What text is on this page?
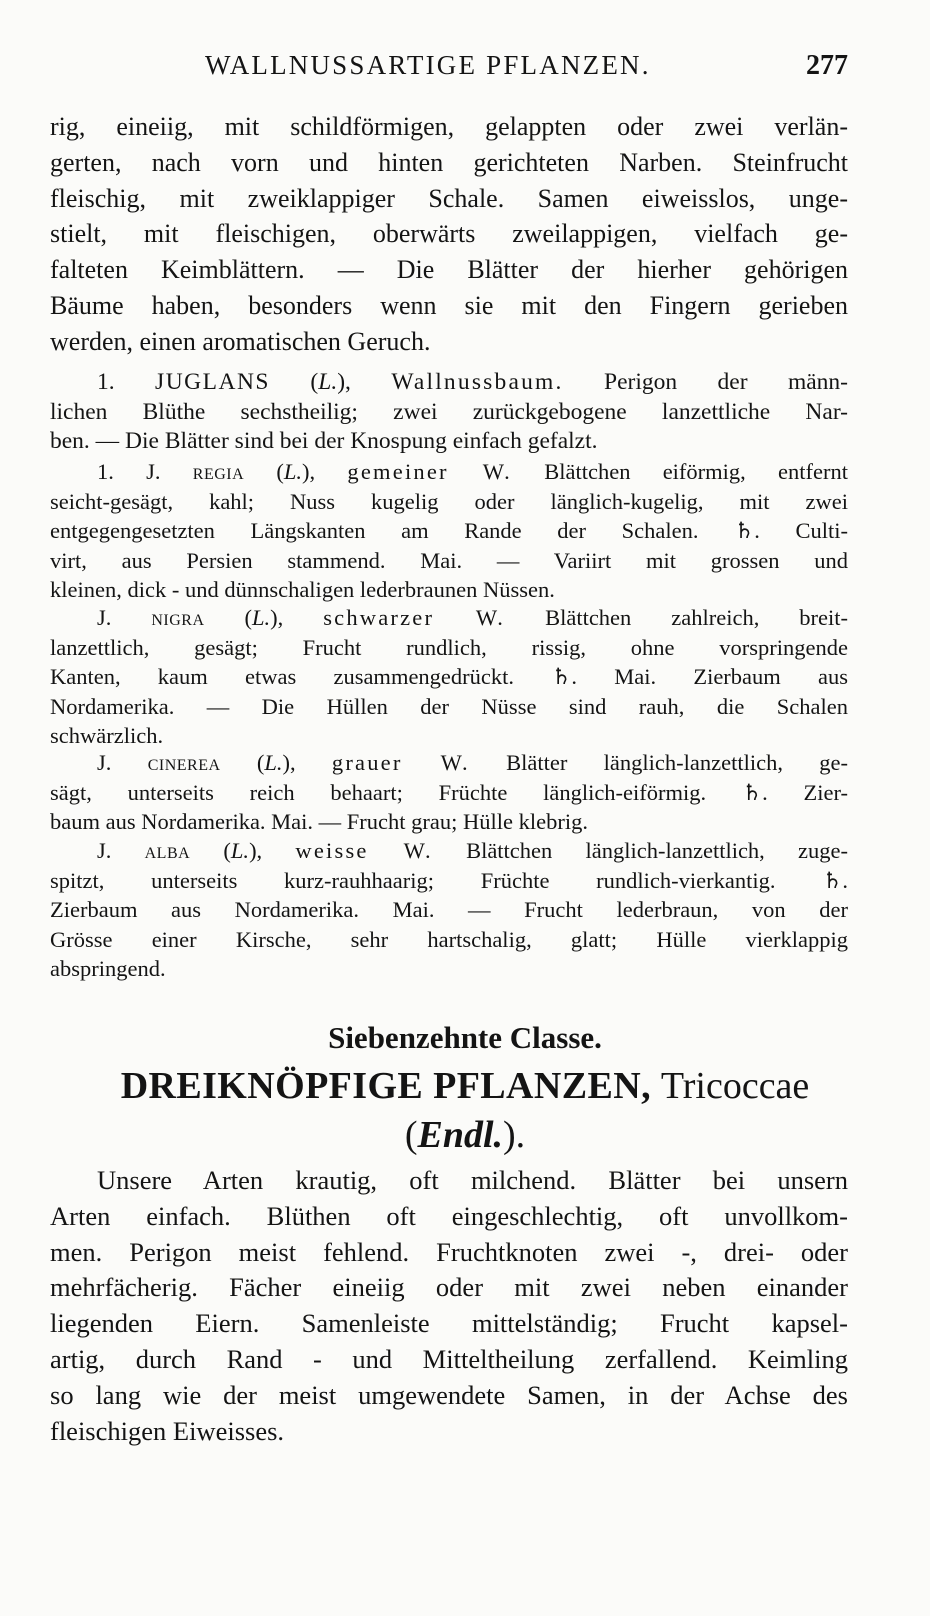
WALLNUSSARTIGE PFLANZEN.	277
rig, eineiig, mit schildförmigen, gelappten oder zwei verlän-
gerten, nach vorn und hinten gerichteten Narben. Steinfrucht
fleischig, mit zweiklappiger Schale. Samen eiweisslos, unge-
stielt, mit fleischigen, oberwärts zweilappigen, vielfach ge-
falteten Keimblättern. — Die Blätter der hierher gehörigen
Bäume haben, besonders wenn sie mit den Fingern gerieben
werden, einen aromatischen Geruch.
1. JUGLANS (L.), Wallnussbaum. Perigon der männ-
lichen Blüthe sechstheilig; zwei zurückgebogene lanzettliche Nar-
ben. — Die Blätter sind bei der Knospung einfach gefalzt.
1. J. regia (L.), gemeiner W. Blättchen eiförmig, entfernt
seicht-gesägt, kahl; Nuss kugelig oder länglich-kugelig, mit zwei
entgegengesetzten Längskanten am Rande der Schalen. ♄. Culti-
virt, aus Persien stammend. Mai. — Variirt mit grossen und
kleinen, dick - und dünnschaligen lederbraunen Nüssen.
J. nigra (L.), schwarzer W. Blättchen zahlreich, breit-
lanzettlich, gesägt; Frucht rundlich, rissig, ohne vorspringende
Kanten, kaum etwas zusammengedrückt. ♄. Mai. Zierbaum aus
Nordamerika. — Die Hüllen der Nüsse sind rauh, die Schalen
schwärzlich.
J. cinerea (L.), grauer W. Blätter länglich-lanzettlich, ge-
sägt, unterseits reich behaart; Früchte länglich-eiförmig. ♄. Zier-
baum aus Nordamerika. Mai. — Frucht grau; Hülle klebrig.
J. alba (L.), weisse W. Blättchen länglich-lanzettlich, zuge-
spitzt, unterseits kurz-rauhhaarig; Früchte rundlich-vierkantig. ♄.
Zierbaum aus Nordamerika. Mai. — Frucht lederbraun, von der
Grösse einer Kirsche, sehr hartschalig, glatt; Hülle vierklappig
abspringend.
Siebenzehnte Classe.
DREIKNÖPFIGE PFLANZEN, Tricoccae
(Endl.).
Unsere Arten krautig, oft milchend. Blätter bei unsern
Arten einfach. Blüthen oft eingeschlechtig, oft unvollkom-
men. Perigon meist fehlend. Fruchtknoten zwei -, drei- oder
mehrfächerig. Fächer eineiig oder mit zwei neben einander
liegenden Eiern. Samenleiste mittelständig; Frucht kapsel-
artig, durch Rand - und Mitteltheilung zerfallend. Keimling
so lang wie der meist umgewendete Samen, in der Achse des
fleischigen Eiweisses.
